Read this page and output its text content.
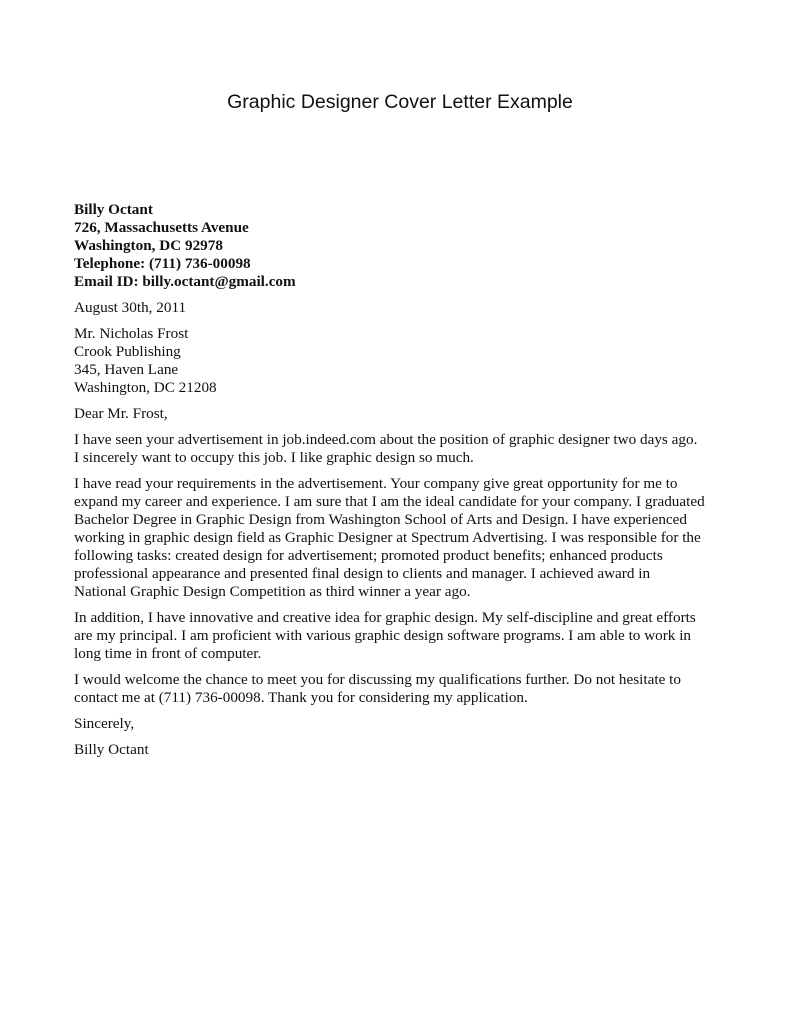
Graphic Designer Cover Letter Example
Billy Octant
726, Massachusetts Avenue
Washington, DC 92978
Telephone: (711) 736-00098
Email ID: billy.octant@gmail.com
August 30th, 2011
Mr. Nicholas Frost
Crook Publishing
345, Haven Lane
Washington, DC 21208
Dear Mr. Frost,
I have seen your advertisement in job.indeed.com about the position of graphic designer two days ago.
I sincerely want to occupy this job. I like graphic design so much.
I have read your requirements in the advertisement. Your company give great opportunity for me to
expand my career and experience. I am sure that I am the ideal candidate for your company. I graduated
Bachelor Degree in Graphic Design from Washington School of Arts and Design. I have experienced
working in graphic design field as Graphic Designer at Spectrum Advertising. I was responsible for the
following tasks: created design for advertisement; promoted product benefits; enhanced products
professional appearance and presented final design to clients and manager. I achieved award in
National Graphic Design Competition as third winner a year ago.
In addition, I have innovative and creative idea for graphic design. My self-discipline and great efforts
are my principal. I am proficient with various graphic design software programs. I am able to work in
long time in front of computer.
I would welcome the chance to meet you for discussing my qualifications further. Do not hesitate to
contact me at (711) 736-00098. Thank you for considering my application.
Sincerely,
Billy Octant
